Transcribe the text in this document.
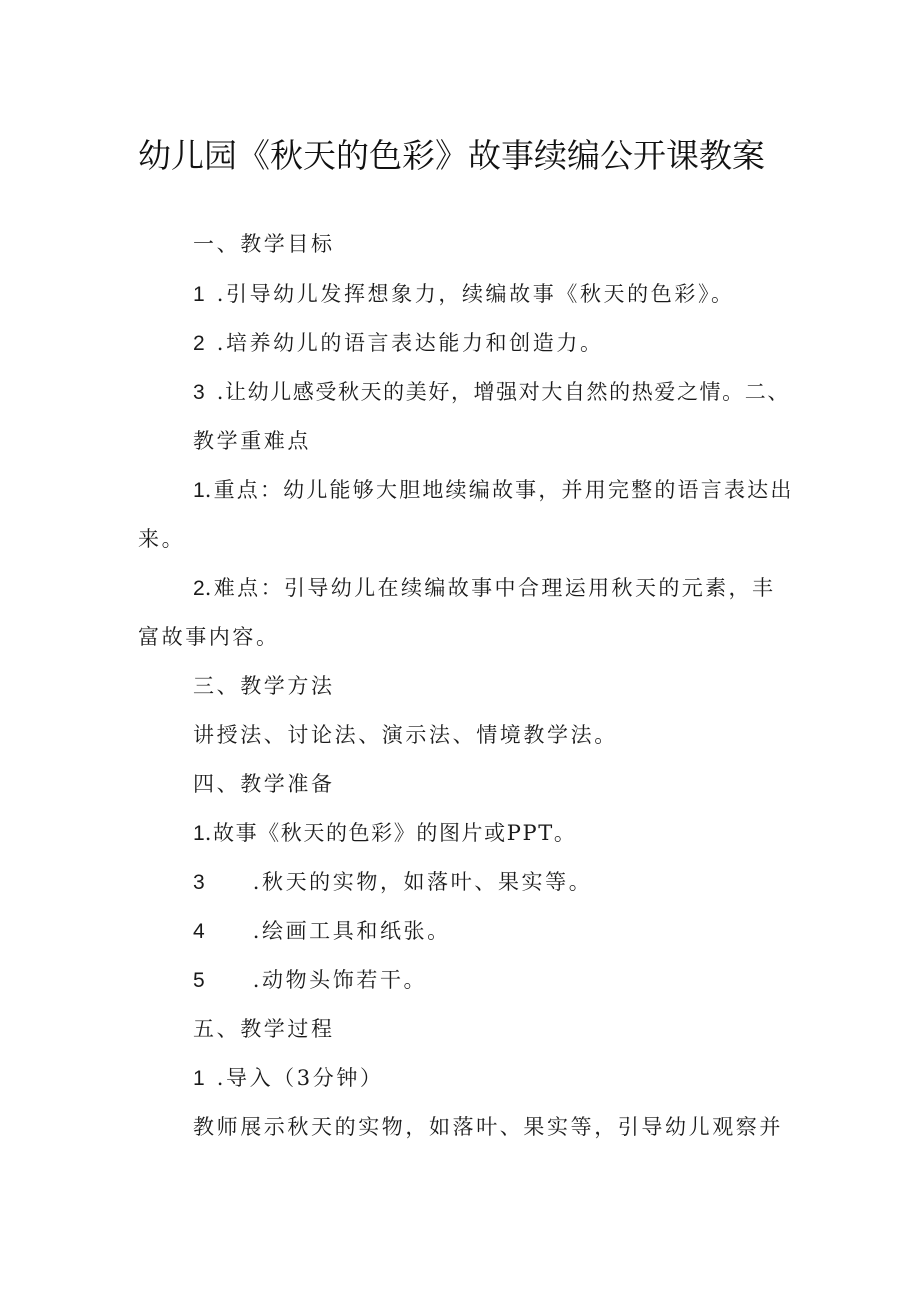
幼儿园《秋天的色彩》故事续编公开课教案
一、教学目标
1 .引导幼儿发挥想象力，续编故事《秋天的色彩》。
2 .培养幼儿的语言表达能力和创造力。
3 .让幼儿感受秋天的美好，增强对大自然的热爱之情。二、
教学重难点
1.重点：幼儿能够大胆地续编故事，并用完整的语言表达出
来。
2.难点：引导幼儿在续编故事中合理运用秋天的元素，丰
富故事内容。
三、教学方法
讲授法、讨论法、演示法、情境教学法。
四、教学准备
1.故事《秋天的色彩》的图片或PPT。
3 .秋天的实物，如落叶、果实等。
4 .绘画工具和纸张。
5 .动物头饰若干。
五、教学过程
1 .导入（3分钟）
教师展示秋天的实物，如落叶、果实等，引导幼儿观察并
